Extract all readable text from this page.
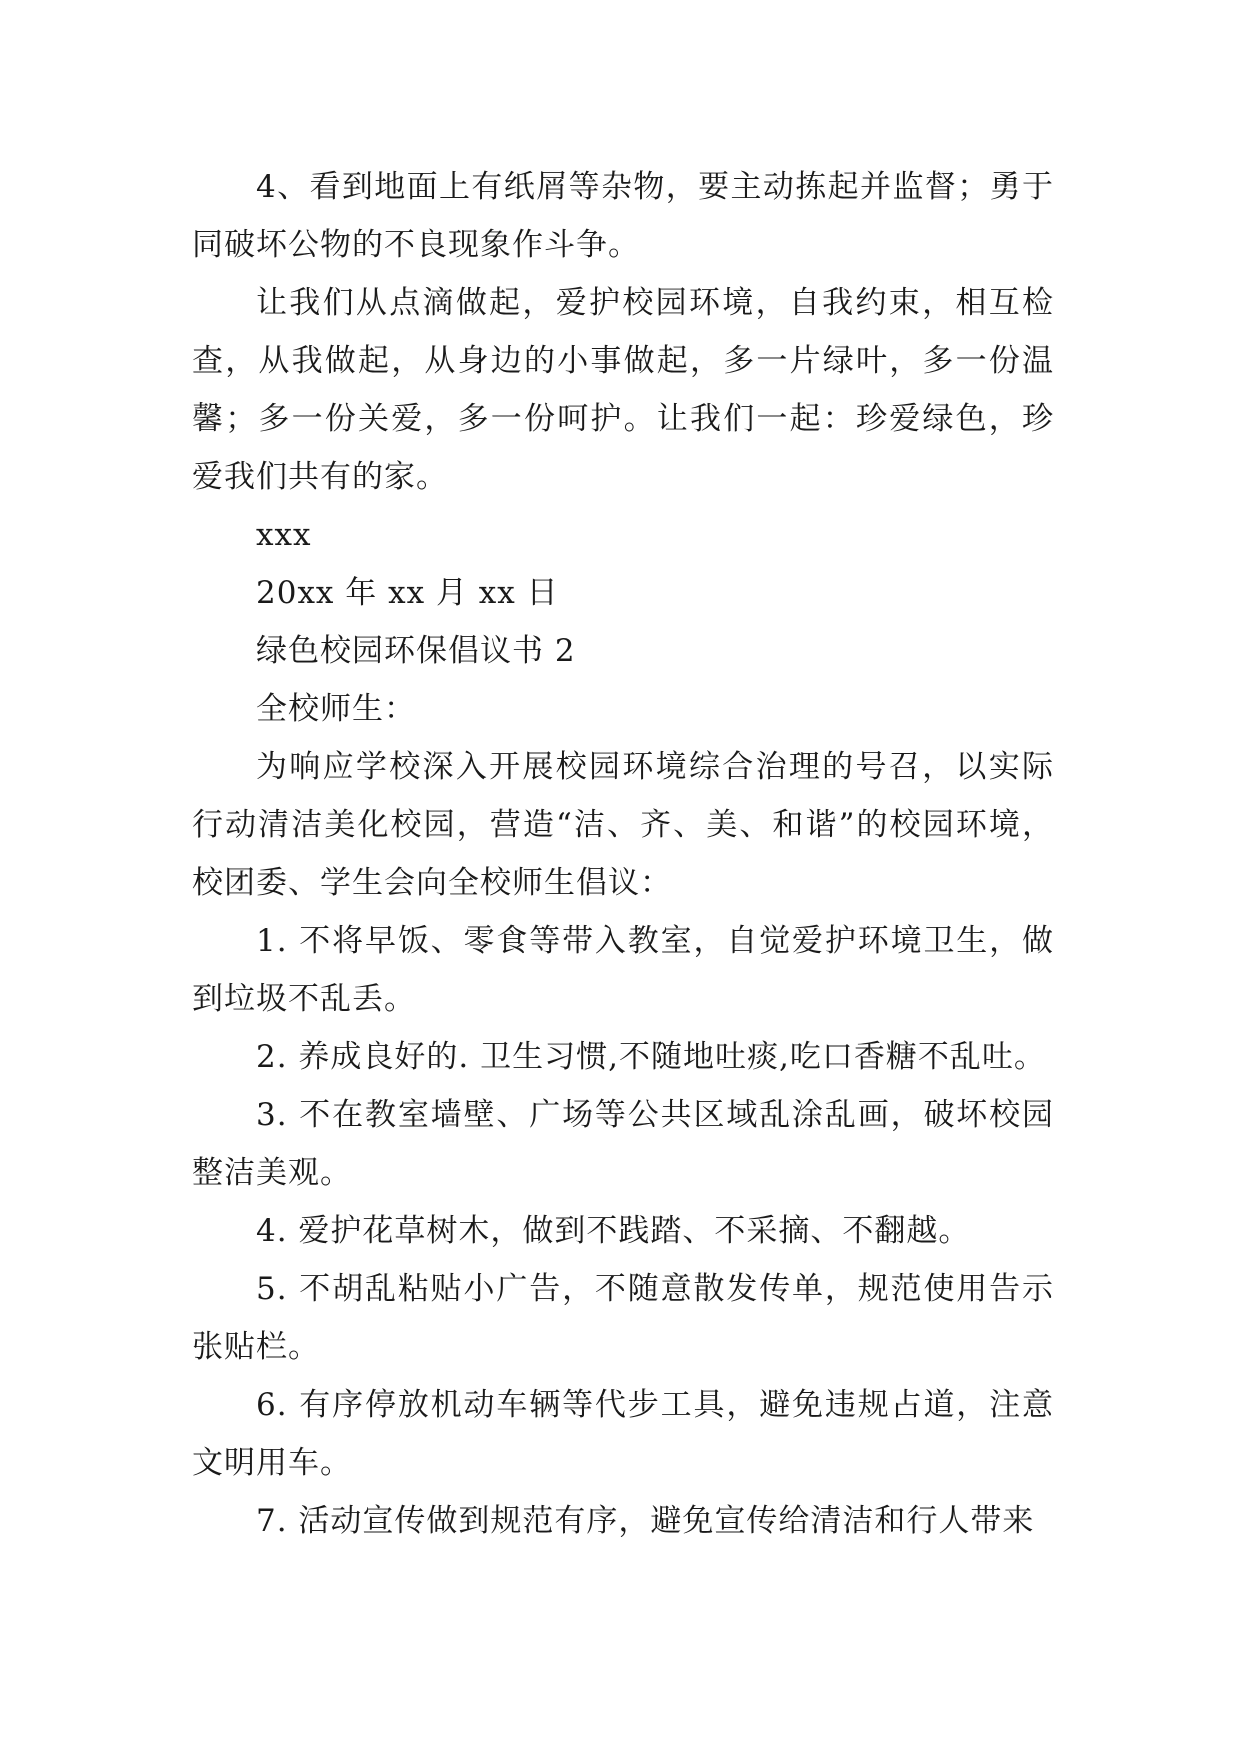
4、看到地面上有纸屑等杂物，要主动拣起并监督；勇于同破坏公物的不良现象作斗争。

让我们从点滴做起，爱护校园环境，自我约束，相互检查，从我做起，从身边的小事做起，多一片绿叶，多一份温馨；多一份关爱，多一份呵护。让我们一起：珍爱绿色，珍爱我们共有的家。

xxx

20xx 年 xx 月 xx 日

绿色校园环保倡议书 2

全校师生：

为响应学校深入开展校园环境综合治理的号召，以实际行动清洁美化校园，营造“洁、齐、美、和谐”的校园环境，校团委、学生会向全校师生倡议：

1. 不将早饭、零食等带入教室，自觉爱护环境卫生，做到垃圾不乱丢。

2. 养成良好的. 卫生习惯,不随地吐痰,吃口香糖不乱吐。

3. 不在教室墙壁、广场等公共区域乱涂乱画，破坏校园整洁美观。

4. 爱护花草树木，做到不践踏、不采摘、不翻越。

5. 不胡乱粘贴小广告，不随意散发传单，规范使用告示张贴栏。

6. 有序停放机动车辆等代步工具，避免违规占道，注意文明用车。

7. 活动宣传做到规范有序，避免宣传给清洁和行人带来
